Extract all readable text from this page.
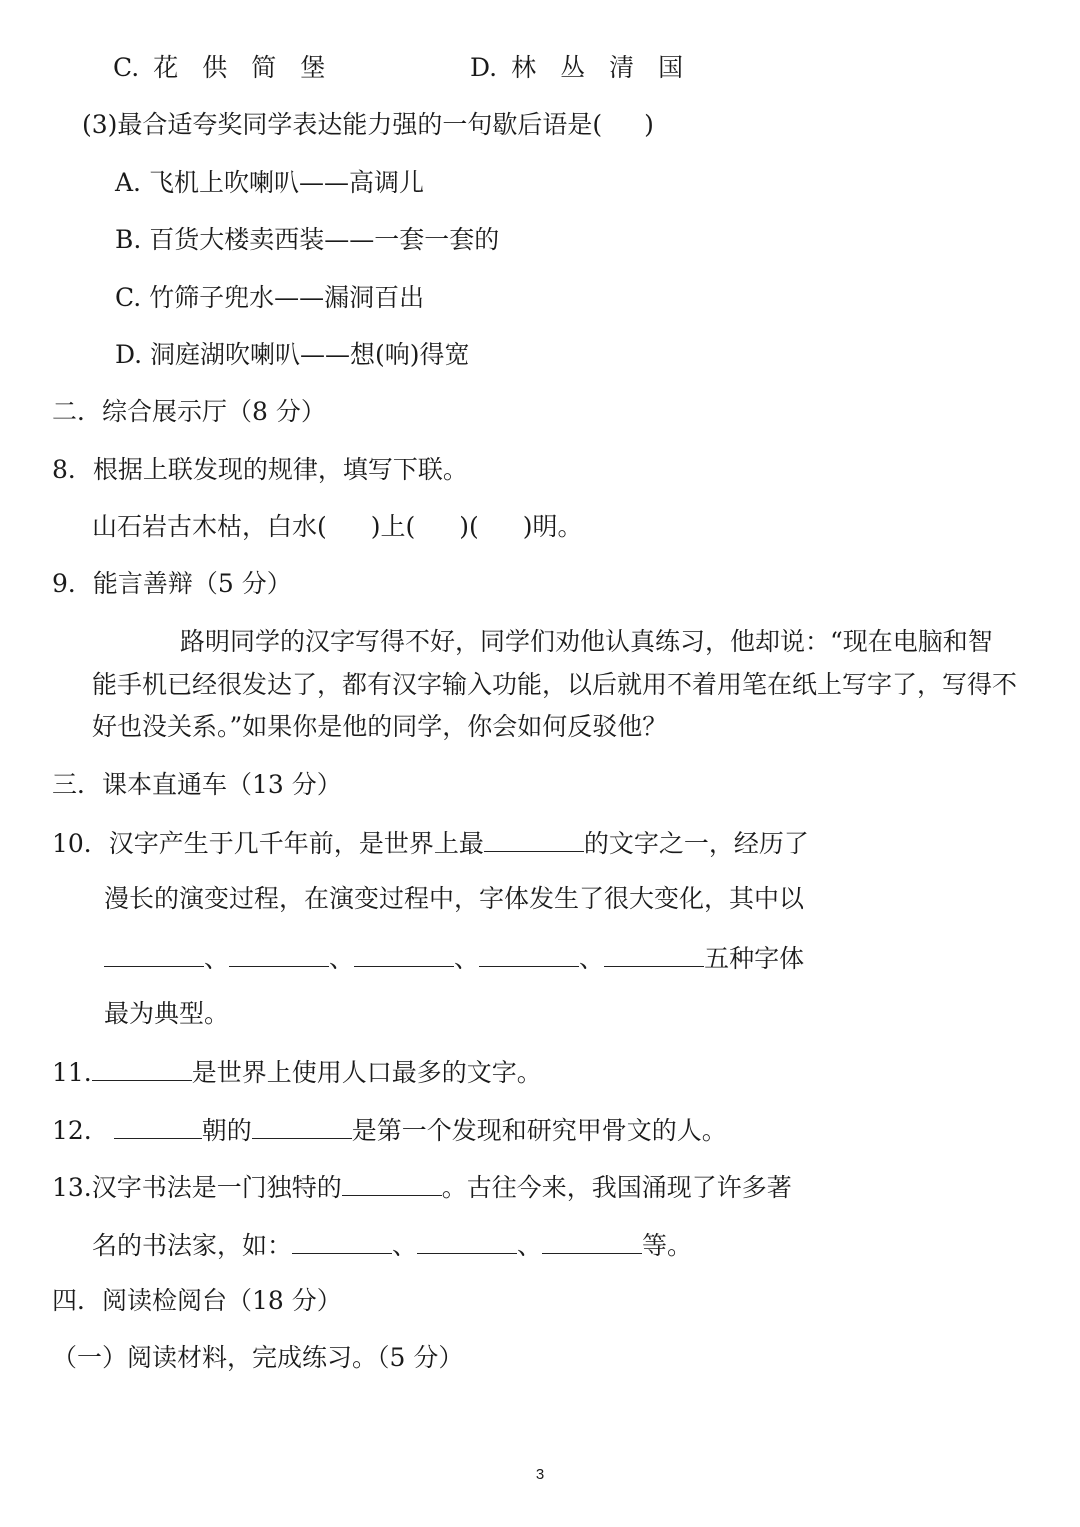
C. 花 供 简 堡	D. 林 丛 清 国
(3)最合适夸奖同学表达能力强的一句歇后语是( )
A. 飞机上吹喇叭——高调儿
B. 百货大楼卖西装——一套一套的
C. 竹筛子兜水——漏洞百出
D. 洞庭湖吹喇叭——想(响)得宽
二．综合展示厅（8 分）
8．根据上联发现的规律，填写下联。
山石岩古木枯，白水( )上( )( )明。
9．能言善辩（5 分）
路明同学的汉字写得不好，同学们劝他认真练习，他却说：“现在电脑和智
能手机已经很发达了，都有汉字输入功能，以后就用不着用笔在纸上写字了，写得不
好也没关系。”如果你是他的同学，你会如何反驳他？
三．课本直通车（13 分）
10．汉字产生于几千年前，是世界上最	的文字之一，经历了
漫长的演变过程，在演变过程中，字体发生了很大变化，其中以
、	、	、	、	五种字体
最为典型。
11.	是世界上使用人口最多的文字。
12.	朝的	是第一个发现和研究甲骨文的人。
13.汉字书法是一门独特的	。古往今来，我国涌现了许多著
名的书法家，如：	、	、	等。
四．阅读检阅台（18 分）
（一）阅读材料，完成练习。（5 分）
3
